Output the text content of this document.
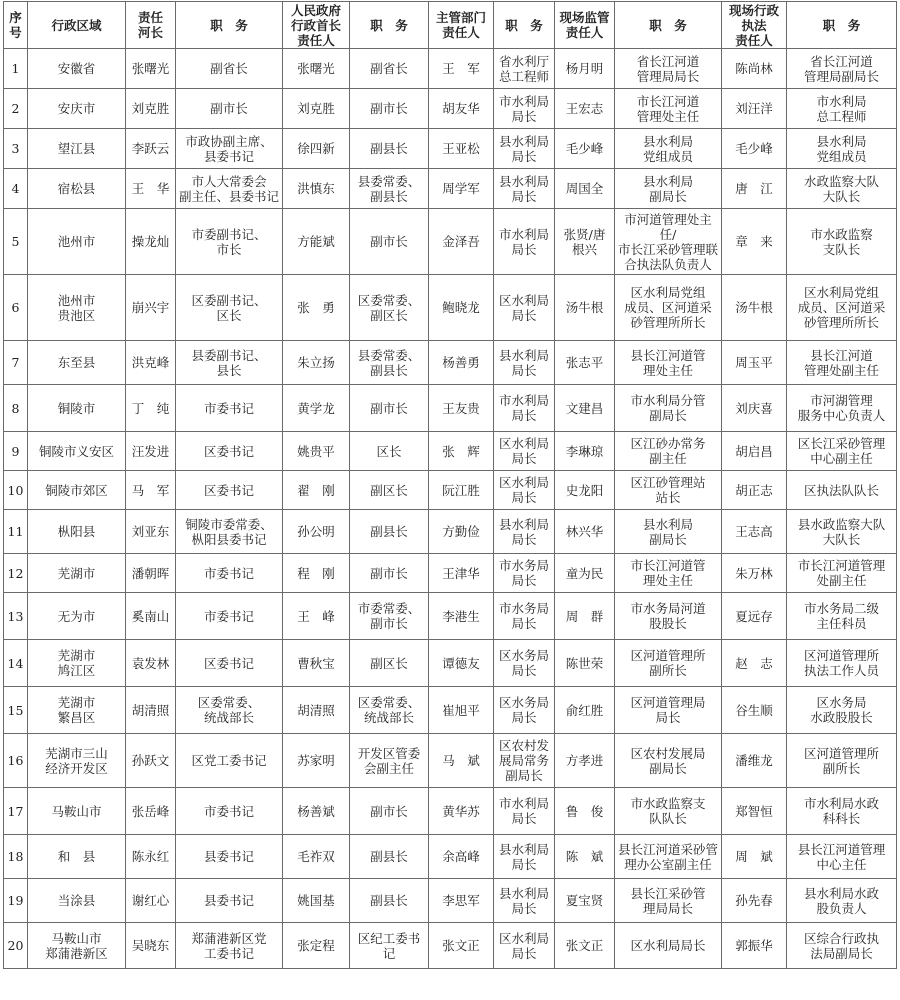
序
号	行政区域	责任
河长	职　务	人民政府
行政首长
责任人	职　务	主管部门
责任人	职　务	现场监管
责任人	职　务	现场行政
执法
责任人	职　务
1	安徽省	张曙光	副省长	张曙光	副省长	王　军	省水利厅
总工程师	杨月明	省长江河道
管理局局长	陈尚林	省长江河道
管理局副局长
2	安庆市	刘克胜	副市长	刘克胜	副市长	胡友华	市水利局
局长	王宏志	市长江河道
管理处主任	刘汪洋	市水利局
总工程师
3	望江县	李跃云	市政协副主席、
县委书记	徐四新	副县长	王亚松	县水利局
局长	毛少峰	县水利局
党组成员	毛少峰	县水利局
党组成员
4	宿松县	王　华	市人大常委会
副主任、县委书记	洪慎东	县委常委、
副县长	周学军	县水利局
局长	周国全	县水利局
副局长	唐　江	水政监察大队
大队长
5	池州市	操龙灿	市委副书记、
市长	方能斌	副市长	金泽吾	市水利局
局长	张贤/唐
根兴	市河道管理处主任/
市长江采砂管理联
合执法队负责人	章　来	市水政监察
支队长
6	池州市
贵池区	崩兴宇	区委副书记、
区长	张　勇	区委常委、
副区长	鲍晓龙	区水利局
局长	汤牛根	区水利局党组
成员、区河道采
砂管理所所长	汤牛根	区水利局党组
成员、区河道采
砂管理所所长
7	东至县	洪克峰	县委副书记、
县长	朱立扬	县委常委、
副县长	杨善勇	县水利局
局长	张志平	县长江河道管
理处主任	周玉平	县长江河道
管理处副主任
8	铜陵市	丁　纯	市委书记	黄学龙	副市长	王友贵	市水利局
局长	文建昌	市水利局分管
副局长	刘庆喜	市河湖管理
服务中心负责人
9	铜陵市义安区	汪发进	区委书记	姚贵平	区长	张　辉	区水利局
局长	李琳琼	区江砂办常务
副主任	胡启昌	区长江采砂管理
中心副主任
10	铜陵市郊区	马　军	区委书记	翟　刚	副区长	阮江胜	区水利局
局长	史龙阳	区江砂管理站
站长	胡正志	区执法队队长
11	枞阳县	刘亚东	铜陵市委常委、
枞阳县委书记	孙公明	副县长	方勤俭	县水利局
局长	林兴华	县水利局
副局长	王志高	县水政监察大队
大队长
12	芜湖市	潘朝晖	市委书记	程　刚	副市长	王津华	市水务局
局长	童为民	市长江河道管
理处主任	朱万林	市长江河道管理
处副主任
13	无为市	奚南山	市委书记	王　峰	市委常委、
副市长	李港生	市水务局
局长	周　群	市水务局河道
股股长	夏远存	市水务局二级
主任科员
14	芜湖市
鸠江区	袁发林	区委书记	曹秋宝	副区长	谭德友	区水务局
局长	陈世荣	区河道管理所
副所长	赵　志	区河道管理所
执法工作人员
15	芜湖市
繁昌区	胡清照	区委常委、
统战部长	胡清照	区委常委、
统战部长	崔旭平	区水务局
局长	俞红胜	区河道管理局
局长	谷生顺	区水务局
水政股股长
16	芜湖市三山
经济开发区	孙跃文	区党工委书记	苏家明	开发区管委
会副主任	马　斌	区农村发
展局常务
副局长	方孝进	区农村发展局
副局长	潘维龙	区河道管理所
副所长
17	马鞍山市	张岳峰	市委书记	杨善斌	副市长	黄华苏	市水利局
局长	鲁　俊	市水政监察支
队队长	郑智恒	市水利局水政
科科长
18	和　县	陈永红	县委书记	毛祚双	副县长	余高峰	县水利局
局长	陈　斌	县长江河道采砂管
理办公室副主任	周　斌	县长江河道管理
中心主任
19	当涂县	谢红心	县委书记	姚国基	副县长	李思军	县水利局
局长	夏宝贤	县长江采砂管
理局局长	孙先春	县水利局水政
股负责人
20	马鞍山市
郑蒲港新区	吴晓东	郑蒲港新区党
工委书记	张定程	区纪工委书
记	张文正	区水利局
局长	张文正	区水利局局长	郭振华	区综合行政执
法局副局长
